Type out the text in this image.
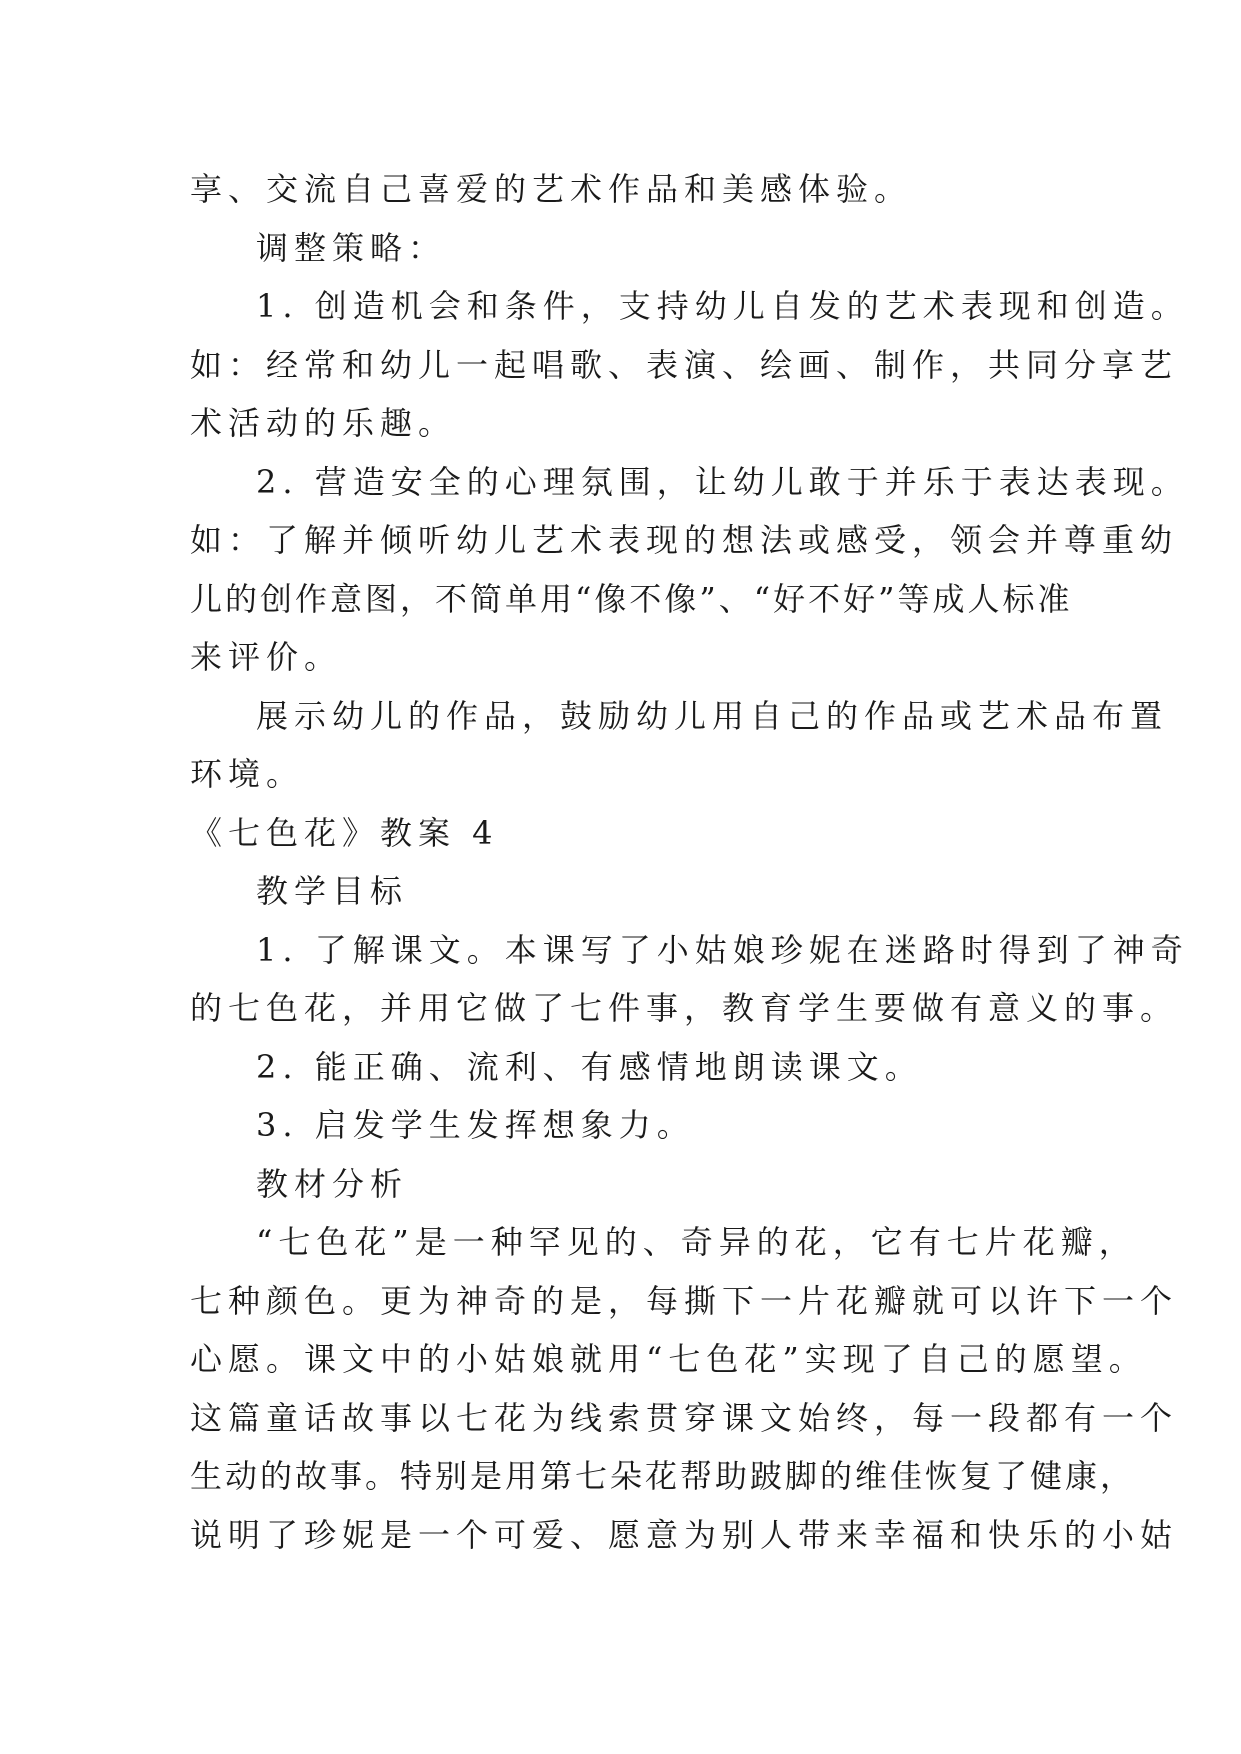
享、交流自己喜爱的艺术作品和美感体验。
调整策略：
1. 创造机会和条件，支持幼儿自发的艺术表现和创造。
如：经常和幼儿一起唱歌、表演、绘画、制作，共同分享艺
术活动的乐趣。
2. 营造安全的心理氛围，让幼儿敢于并乐于表达表现。
如：了解并倾听幼儿艺术表现的想法或感受，领会并尊重幼
儿的创作意图，不简单用“像不像”、“好不好”等成人标准
来评价。
展示幼儿的作品，鼓励幼儿用自己的作品或艺术品布置
环境。
《七色花》教案 4
教学目标
1. 了解课文。本课写了小姑娘珍妮在迷路时得到了神奇
的七色花，并用它做了七件事，教育学生要做有意义的事。
2. 能正确、流利、有感情地朗读课文。
3. 启发学生发挥想象力。
教材分析
“七色花”是一种罕见的、奇异的花，它有七片花瓣，
七种颜色。更为神奇的是，每撕下一片花瓣就可以许下一个
心愿。课文中的小姑娘就用“七色花”实现了自己的愿望。
这篇童话故事以七花为线索贯穿课文始终，每一段都有一个
生动的故事。特别是用第七朵花帮助跛脚的维佳恢复了健康，
说明了珍妮是一个可爱、愿意为别人带来幸福和快乐的小姑
